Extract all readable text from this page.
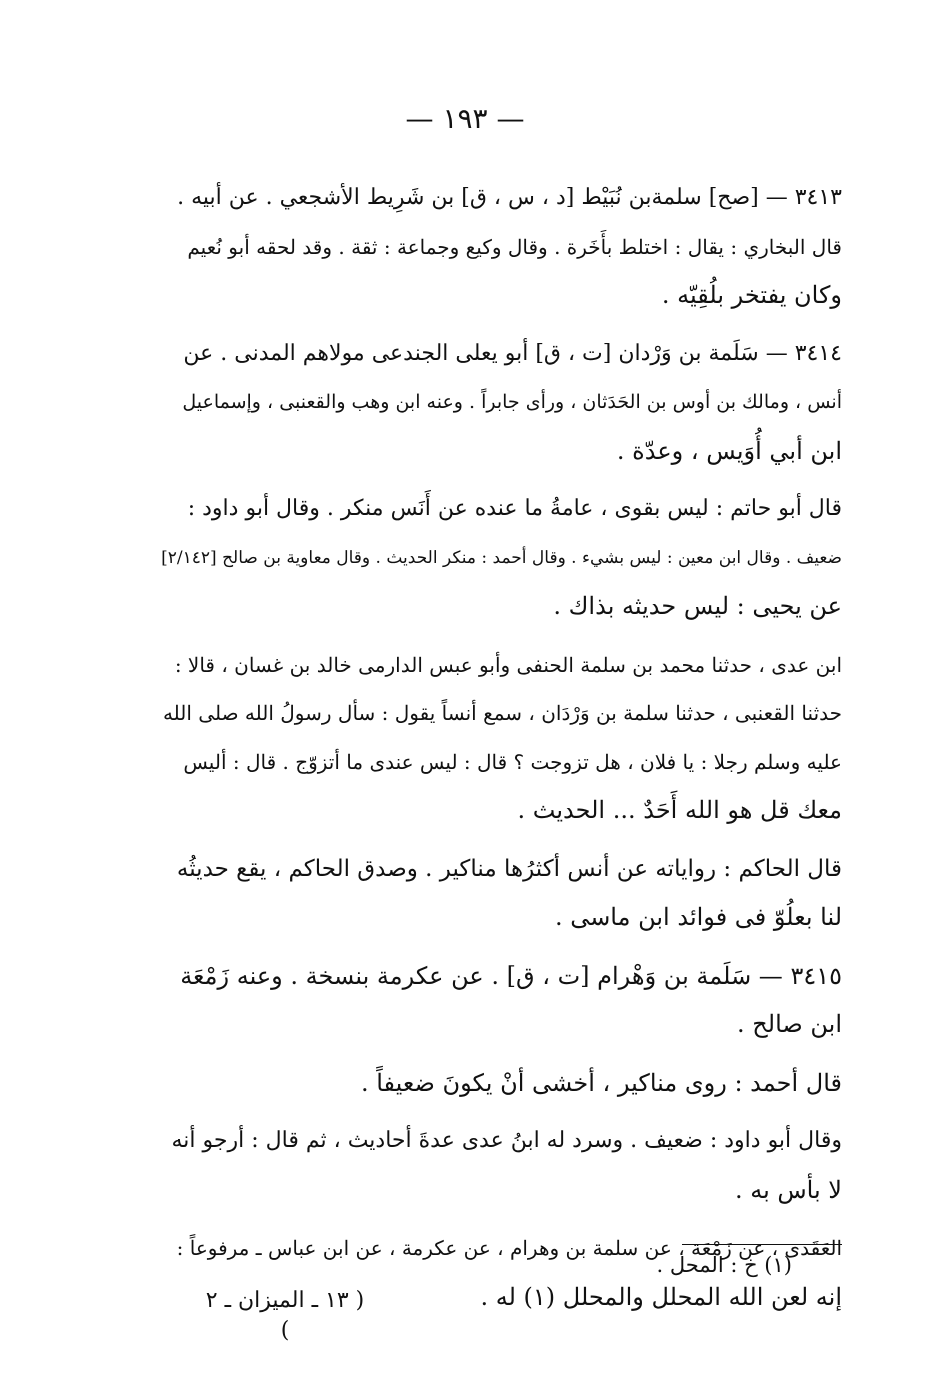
— ١٩٣ —

٣٤١٣ — [صح] سلمةبن نُبَيْط [د ، س ، ق] بن شَرِيط الأشجعي . عن أبيه .
قال البخاري : يقال : اختلط بأَخَرة . وقال وكيع وجماعة : ثقة . وقد لحقه أبو نُعيم
وكان يفتخر بلُقِيّه .

٣٤١٤ — سَلَمة بن وَرْدان [ت ، ق] أبو يعلى الجندعى مولاهم المدنى . عن
أنس ، ومالك بن أوس بن الحَدَثان ، ورأى جابراً . وعنه ابن وهب والقعنبى ، وإسماعيل
ابن أبي أُوَيس ، وعدّة .

قال أبو حاتم : ليس بقوى ، عامةُ ما عنده عن أَنَس منكر . وقال أبو داود :
ضعيف . وقال ابن معين : ليس بشيء . وقال أحمد : منكر الحديث . وقال معاوية بن صالح [٢/١٤٢]
عن يحيى : ليس حديثه بذاك .

ابن عدى ، حدثنا محمد بن سلمة الحنفى وأبو عبس الدارمى خالد بن غسان ، قالا :
حدثنا القعنبى ، حدثنا سلمة بن وَرْدَان ، سمع أنساً يقول : سأل رسولُ الله صلى الله
عليه وسلم رجلا : يا فلان ، هل تزوجت ؟ قال : ليس عندى ما أتزوّج . قال : أليس
معك قل هو الله أَحَدٌ ... الحديث .

قال الحاكم : رواياته عن أنس أكثرُها مناكير . وصدق الحاكم ، يقع حديثُه
لنا بعلُوّ فى فوائد ابن ماسى .

٣٤١٥ — سَلَمة بن وَهْرام [ت ، ق] . عن عكرمة بنسخة . وعنه زَمْعَة
ابن صالح .

قال أحمد : روى مناكير ، أخشى أنْ يكونَ ضعيفاً .

وقال أبو داود : ضعيف . وسرد له ابنُ عدى عدةَ أحاديث ، ثم قال : أرجو أنه
لا بأس به .

العَقَدى ، عن زَمْعَة ، عن سلمة بن وهرام ، عن عكرمة ، عن ابن عباس ـ مرفوعاً :
إنه لعن الله المحلل والمحلل (١) له .

(١) خ : المحل .
( ١٣ ـ الميزان ـ ٢ )
